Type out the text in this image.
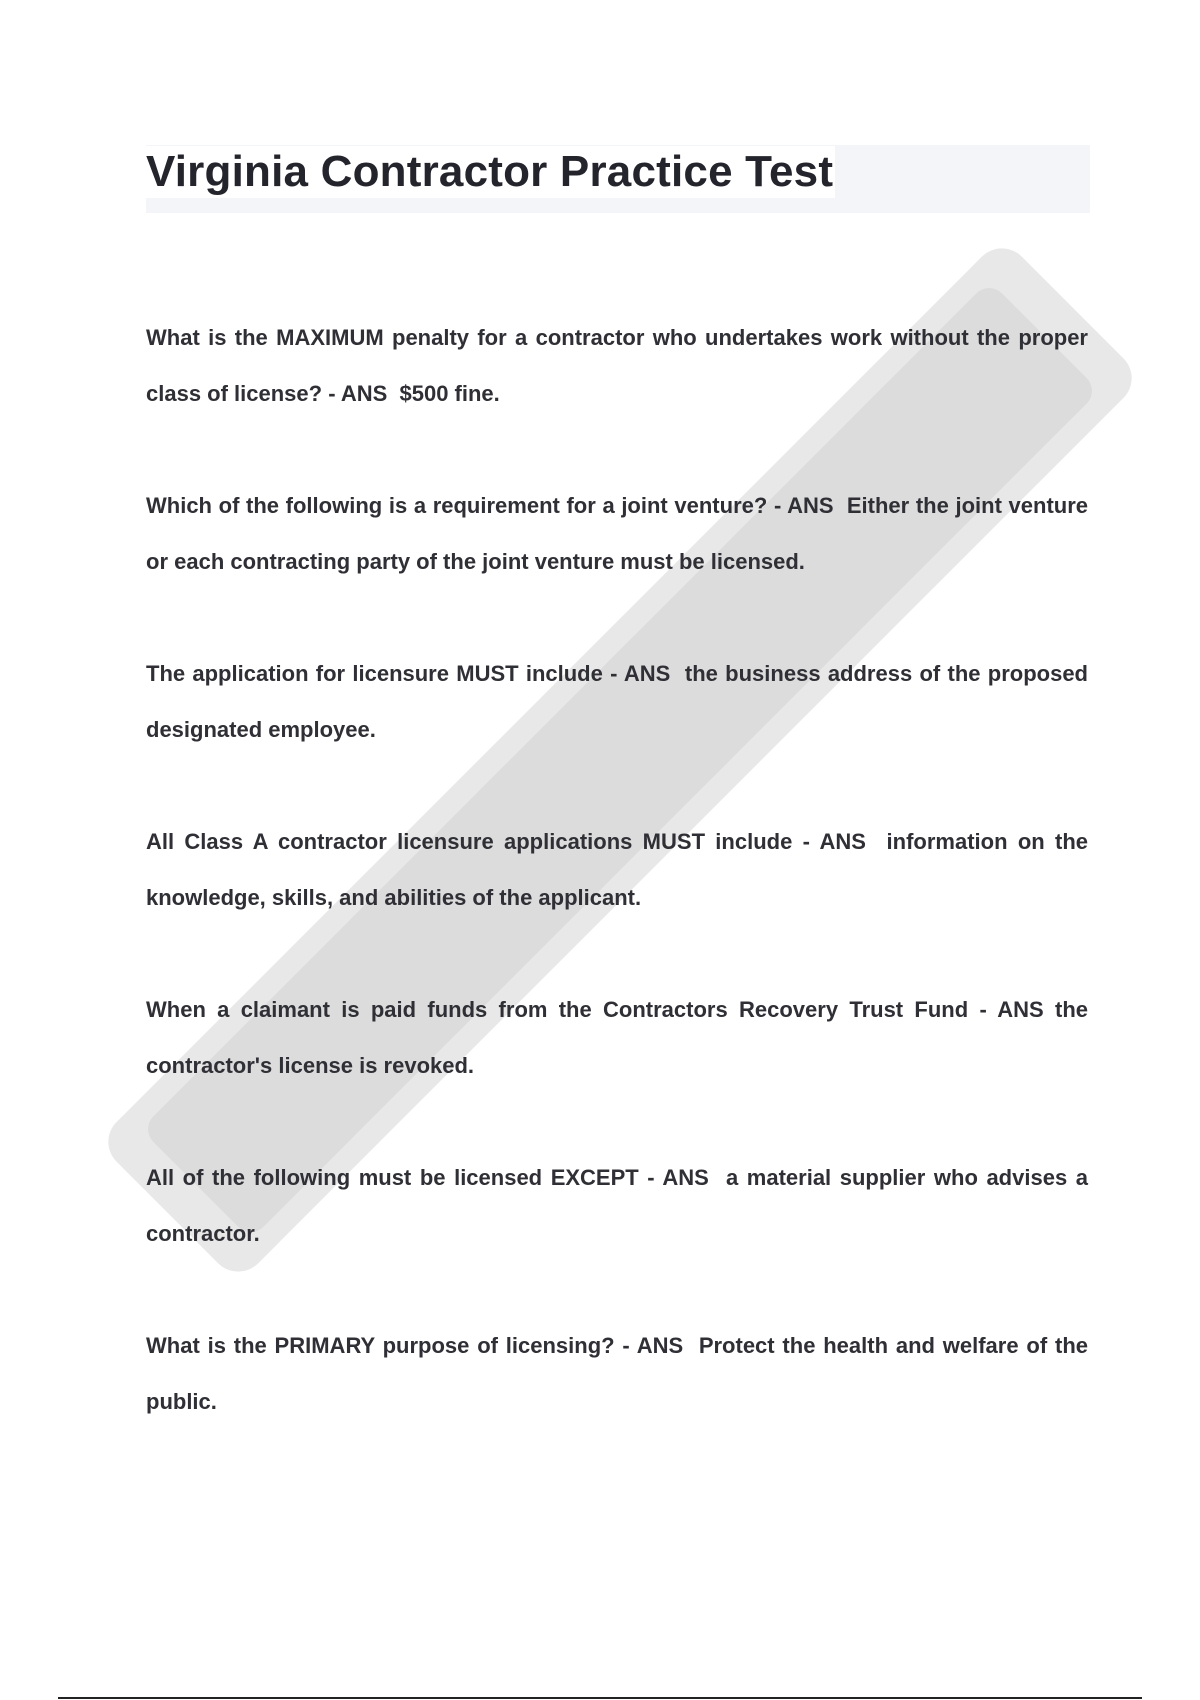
Virginia Contractor Practice Test

What is the MAXIMUM penalty for a contractor who undertakes work without the proper class of license? - ANS  $500 fine.

Which of the following is a requirement for a joint venture? - ANS  Either the joint venture or each contracting party of the joint venture must be licensed.

The application for licensure MUST include - ANS  the business address of the proposed designated employee.

All Class A contractor licensure applications MUST include - ANS  information on the knowledge, skills, and abilities of the applicant.

When a claimant is paid funds from the Contractors Recovery Trust Fund - ANS the contractor's license is revoked.

All of the following must be licensed EXCEPT - ANS  a material supplier who advises a contractor.

What is the PRIMARY purpose of licensing? - ANS  Protect the health and welfare of the public.
